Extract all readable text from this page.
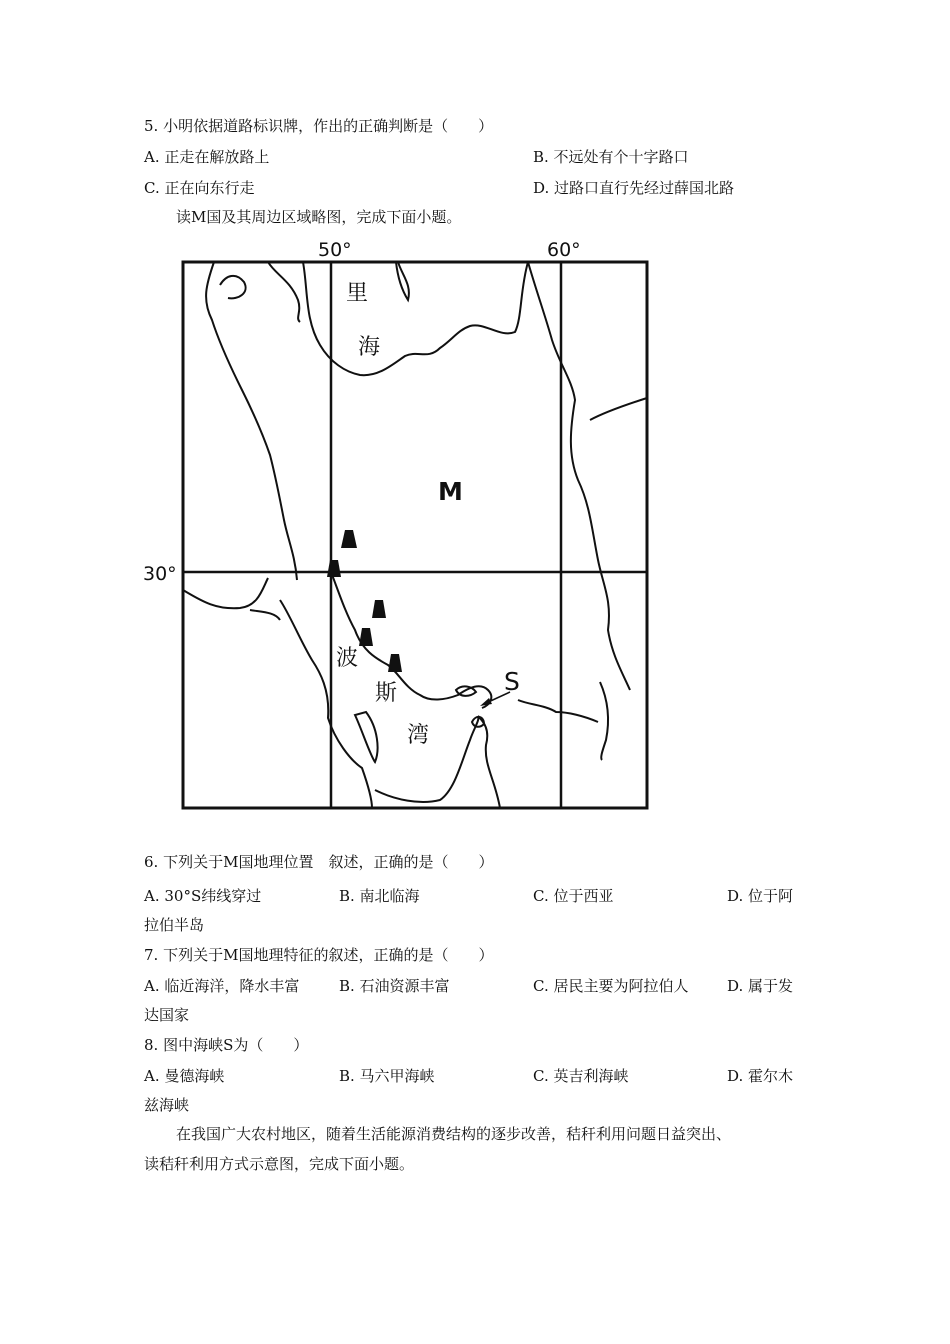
5. 小明依据道路标识牌，作出的正确判断是（　　）
A. 正走在解放路上	B. 不远处有个十字路口
C. 正在向东行走	D. 过路口直行先经过薛国北路
读M国及其周边区域略图，完成下面小题。
50°	60°
30°
里
海
M
波
斯
湾
S
6. 下列关于M国地理位置　叙述，正确的是（　　）
A. 30°S纬线穿过	B. 南北临海	C. 位于西亚	D. 位于阿
拉伯半岛
7. 下列关于M国地理特征的叙述，正确的是（　　）
A. 临近海洋，降水丰富	B. 石油资源丰富	C. 居民主要为阿拉伯人	D. 属于发
达国家
8. 图中海峡S为（　　）
A. 曼德海峡	B. 马六甲海峡	C. 英吉利海峡	D. 霍尔木
兹海峡
在我国广大农村地区，随着生活能源消费结构的逐步改善，秸秆利用问题日益突出、
读秸秆利用方式示意图，完成下面小题。
